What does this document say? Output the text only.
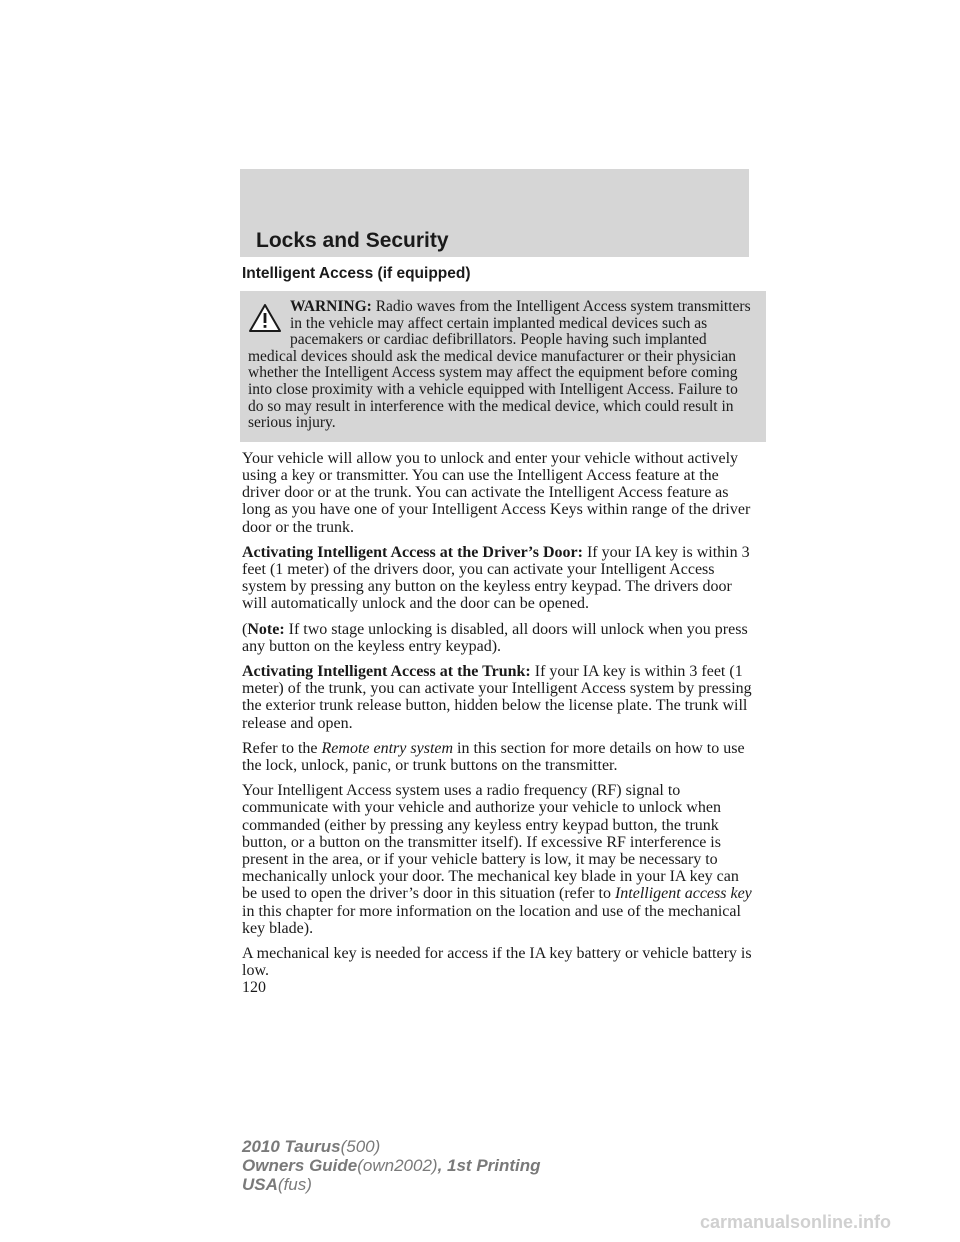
Locks and Security
Intelligent Access (if equipped)
WARNING: Radio waves from the Intelligent Access system transmitters in the vehicle may affect certain implanted medical devices such as pacemakers or cardiac defibrillators. People having such implanted medical devices should ask the medical device manufacturer or their physician whether the Intelligent Access system may affect the equipment before coming into close proximity with a vehicle equipped with Intelligent Access. Failure to do so may result in interference with the medical device, which could result in serious injury.

Your vehicle will allow you to unlock and enter your vehicle without actively using a key or transmitter. You can use the Intelligent Access feature at the driver door or at the trunk. You can activate the Intelligent Access feature as long as you have one of your Intelligent Access Keys within range of the driver door or the trunk.

Activating Intelligent Access at the Driver’s Door: If your IA key is within 3 feet (1 meter) of the drivers door, you can activate your Intelligent Access system by pressing any button on the keyless entry keypad. The drivers door will automatically unlock and the door can be opened.

(Note: If two stage unlocking is disabled, all doors will unlock when you press any button on the keyless entry keypad).

Activating Intelligent Access at the Trunk: If your IA key is within 3 feet (1 meter) of the trunk, you can activate your Intelligent Access system by pressing the exterior trunk release button, hidden below the license plate. The trunk will release and open.

Refer to the Remote entry system in this section for more details on how to use the lock, unlock, panic, or trunk buttons on the transmitter.

Your Intelligent Access system uses a radio frequency (RF) signal to communicate with your vehicle and authorize your vehicle to unlock when commanded (either by pressing any keyless entry keypad button, the trunk button, or a button on the transmitter itself). If excessive RF interference is present in the area, or if your vehicle battery is low, it may be necessary to mechanically unlock your door. The mechanical key blade in your IA key can be used to open the driver’s door in this situation (refer to Intelligent access key in this chapter for more information on the location and use of the mechanical key blade).

A mechanical key is needed for access if the IA key battery or vehicle battery is low.

120
2010 Taurus(500)
Owners Guide(own2002), 1st Printing
USA(fus)
carmanualsonline.info
